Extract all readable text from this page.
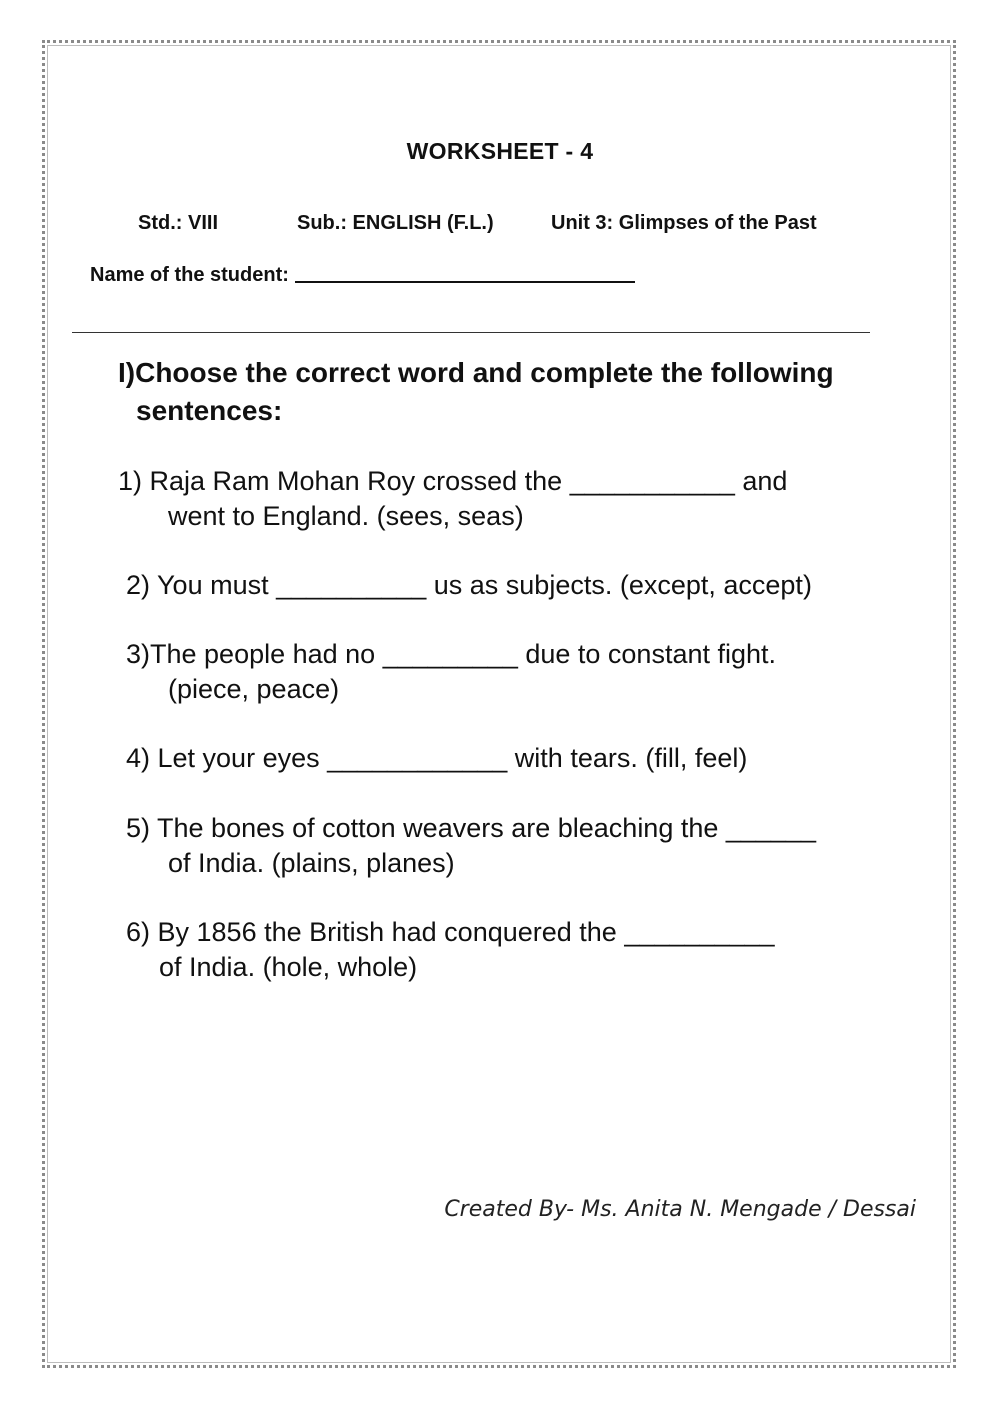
WORKSHEET - 4
Std.: VIII	Sub.: ENGLISH (F.L.)	Unit 3: Glimpses of the Past
Name of the student:
I)Choose the correct word and complete the following
sentences:
1) Raja Ram Mohan Roy crossed the ___________ and
went to England. (sees, seas)
2) You must __________ us as subjects. (except, accept)
3)The people had no _________ due to constant fight.
(piece, peace)
4) Let your eyes ____________ with tears. (fill, feel)
5) The bones of cotton weavers are bleaching the ______
of India. (plains, planes)
6) By 1856 the British had conquered the __________
of India. (hole, whole)
Created By- Ms. Anita N. Mengade / Dessai
